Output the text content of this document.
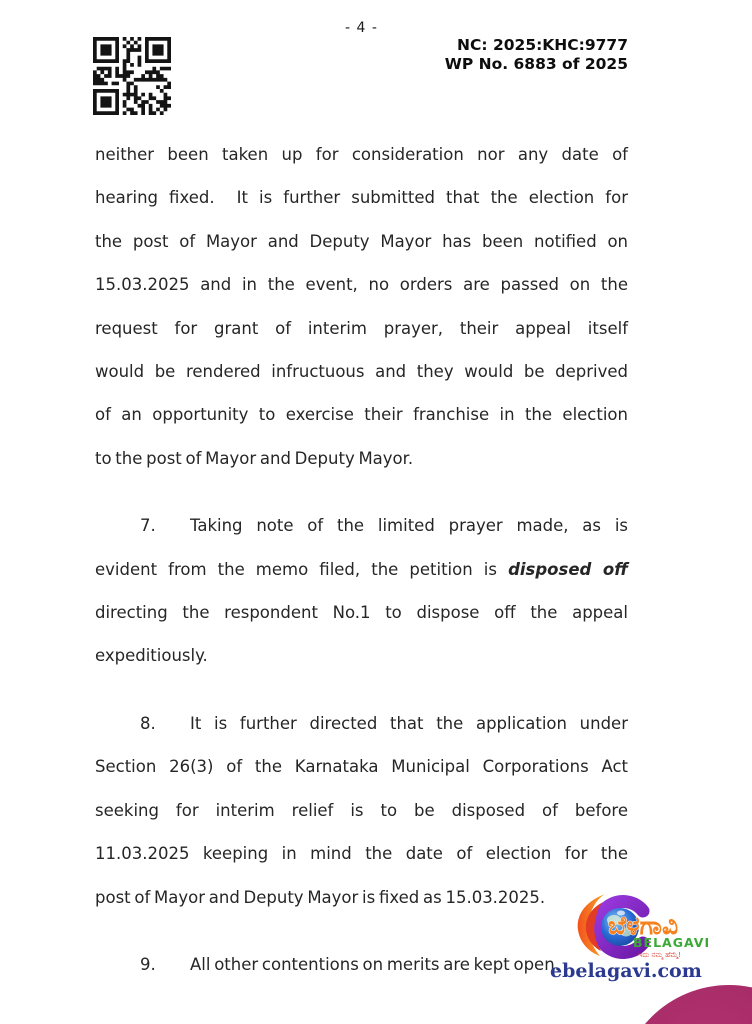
- 4 -
NC: 2025:KHC:9777
WP No. 6883 of 2025
neither been taken up for consideration nor any date of
hearing fixed.  It is further submitted that the election for
the post of Mayor and Deputy Mayor has been notified on
15.03.2025 and in the event, no orders are passed on the
request for grant of interim prayer, their appeal itself
would be rendered infructuous and they would be deprived
of an opportunity to exercise their franchise in the election
to the post of Mayor and Deputy Mayor.
7. Taking note of the limited prayer made, as is
evident from the memo filed, the petition is disposed off
directing the respondent No.1 to dispose off the appeal
expeditiously.
8. It is further directed that the application under
Section 26(3) of the Karnataka Municipal Corporations Act
seeking for interim relief is to be disposed of before
11.03.2025 keeping in mind the date of election for the
post of Mayor and Deputy Mayor is fixed as 15.03.2025.
9. All other contentions on merits are kept open.
ಬೆಳಗಾವಿ
BELAGAVI
ಇದು ನಮ್ಮ ಹೆಮ್ಮೆ!
ebelagavi.com
